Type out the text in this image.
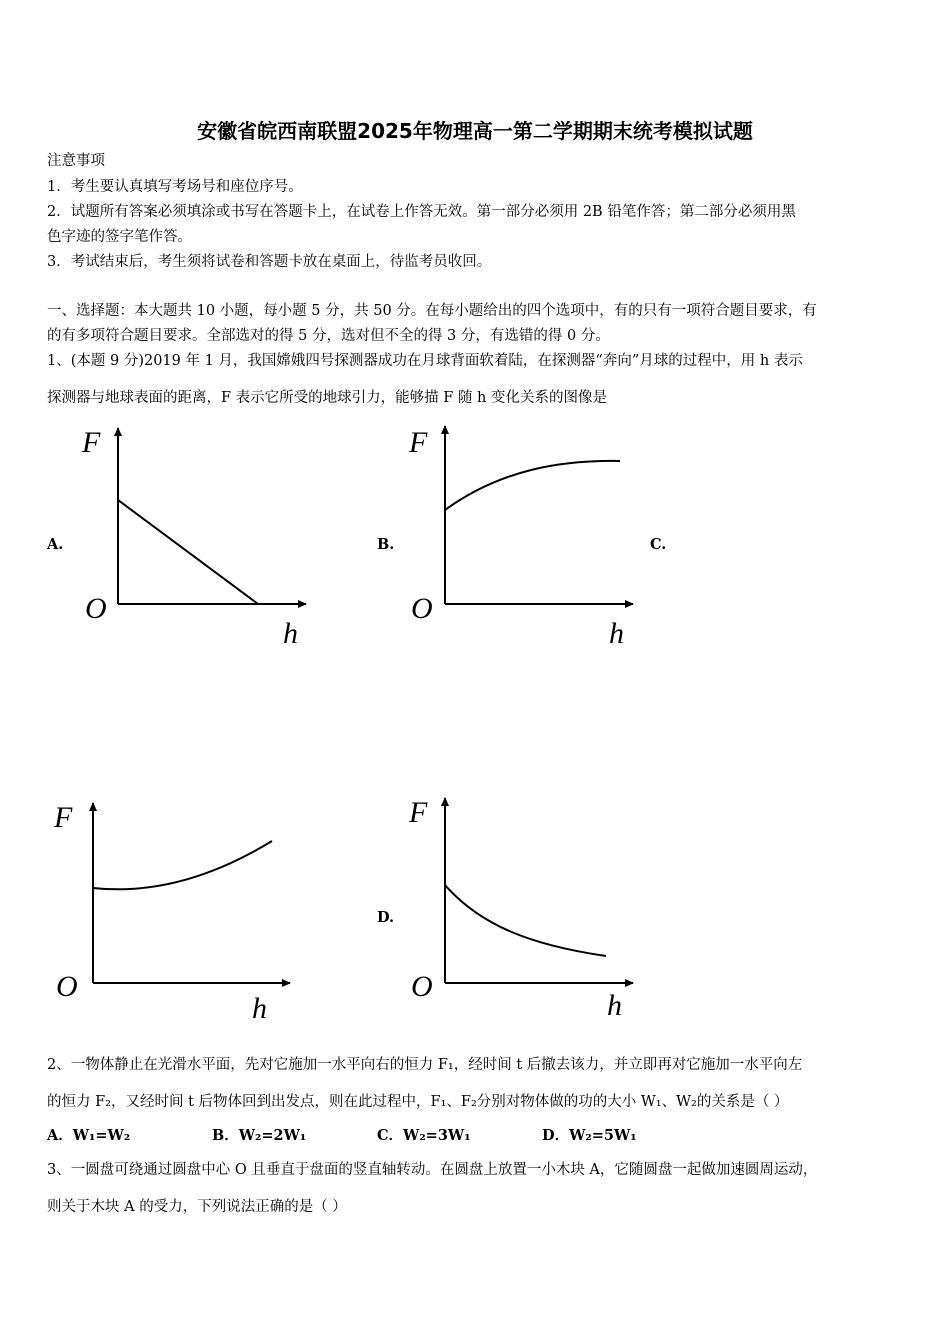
安徽省皖西南联盟2025年物理高一第二学期期末统考模拟试题
注意事项
1．考生要认真填写考场号和座位序号。
2．试题所有答案必须填涂或书写在答题卡上，在试卷上作答无效。第一部分必须用 2B 铅笔作答；第二部分必须用黑
色字迹的签字笔作答。
3．考试结束后，考生须将试卷和答题卡放在桌面上，待监考员收回。
一、选择题：本大题共 10 小题，每小题 5 分，共 50 分。在每小题给出的四个选项中，有的只有一项符合题目要求，有
的有多项符合题目要求。全部选对的得 5 分，选对但不全的得 3 分，有选错的得 0 分。
1、(本题 9 分)2019 年 1 月，我国嫦娥四号探测器成功在月球背面软着陆，在探测器“奔向”月球的过程中，用 h 表示
探测器与地球表面的距离，F 表示它所受的地球引力，能够描 F 随 h 变化关系的图像是
A.	B.	C.
D.
F
O
h
F
O
h
F
O
h
F
O
h
2、一物体静止在光滑水平面，先对它施加一水平向右的恒力 F₁，经时间 t 后撤去该力，并立即再对它施加一水平向左
的恒力 F₂，又经时间 t 后物体回到出发点，则在此过程中，F₁、F₂分别对物体做的功的大小 W₁、W₂的关系是（ ）
A．W₁=W₂	B．W₂=2W₁	C．W₂=3W₁	D．W₂=5W₁
3、一圆盘可绕通过圆盘中心 O 且垂直于盘面的竖直轴转动。在圆盘上放置一小木块 A，它随圆盘一起做加速圆周运动，
则关于木块 A 的受力，下列说法正确的是（ ）
